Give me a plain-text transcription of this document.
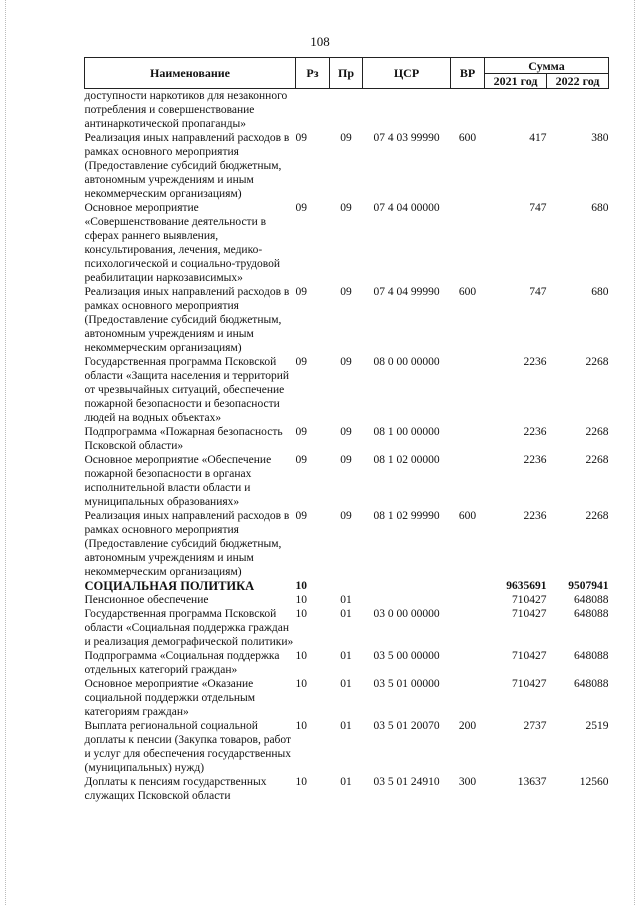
108
Наименование	Рз	Пр	ЦСР	ВР	Сумма	
					2021 год	2022 год
доступности наркотиков для незаконного потребления и совершенствование антинаркотической пропаганды»						
Реализация иных направлений расходов в рамках основного мероприятия (Предоставление субсидий бюджетным, автономным учреждениям и иным некоммерческим организациям)	09	09	07 4 03 99990	600	417	380
Основное мероприятие «Совершенствование деятельности в сферах раннего выявления, консультирования, лечения, медико-психологической и социально-трудовой реабилитации наркозависимых»	09	09	07 4 04 00000		747	680
Реализация иных направлений расходов в рамках основного мероприятия (Предоставление субсидий бюджетным, автономным учреждениям и иным некоммерческим организациям)	09	09	07 4 04 99990	600	747	680
Государственная программа Псковской области «Защита населения и территорий от чрезвычайных ситуаций, обеспечение пожарной безопасности и безопасности людей на водных объектах»	09	09	08 0 00 00000		2236	2268
Подпрограмма «Пожарная безопасность Псковской области»	09	09	08 1 00 00000		2236	2268
Основное мероприятие «Обеспечение пожарной безопасности в органах исполнительной власти области и муниципальных образованиях»	09	09	08 1 02 00000		2236	2268
Реализация иных направлений расходов в рамках основного мероприятия (Предоставление субсидий бюджетным, автономным учреждениям и иным некоммерческим организациям)	09	09	08 1 02 99990	600	2236	2268
СОЦИАЛЬНАЯ ПОЛИТИКА	10				9635691	9507941
Пенсионное обеспечение	10	01			710427	648088
Государственная программа Псковской области «Социальная поддержка граждан и реализация демографической политики»	10	01	03 0 00 00000		710427	648088
Подпрограмма «Социальная поддержка отдельных категорий граждан»	10	01	03 5 00 00000		710427	648088
Основное мероприятие «Оказание социальной поддержки отдельным категориям граждан»	10	01	03 5 01 00000		710427	648088
Выплата региональной социальной доплаты к пенсии (Закупка товаров, работ и услуг для обеспечения государственных (муниципальных) нужд)	10	01	03 5 01 20070	200	2737	2519
Доплаты к пенсиям государственных служащих Псковской области	10	01	03 5 01 24910	300	13637	12560
